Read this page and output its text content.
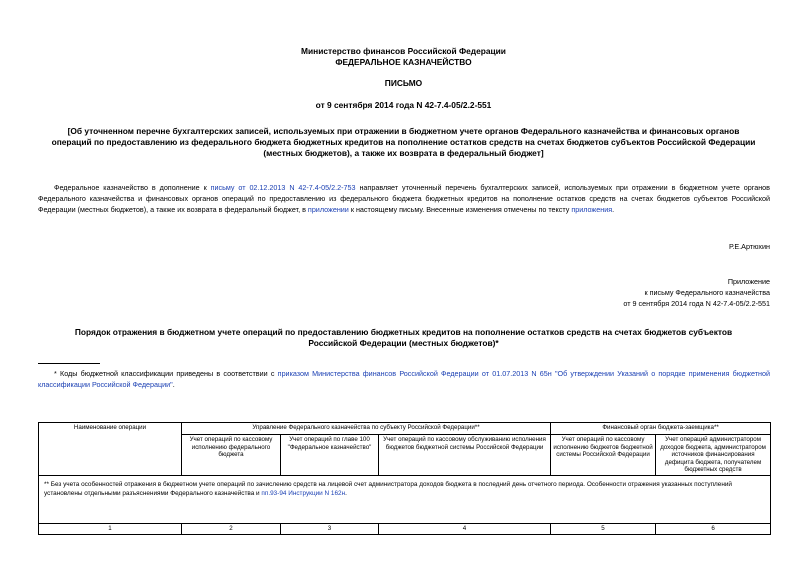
Министерство финансов Российской Федерации
ФЕДЕРАЛЬНОЕ КАЗНАЧЕЙСТВО
ПИСЬМО
от 9 сентября 2014 года N 42-7.4-05/2.2-551
[Об уточненном перечне бухгалтерских записей, используемых при отражении в бюджетном учете органов Федерального казначейства и финансовых органов операций по предоставлению из федерального бюджета бюджетных кредитов на пополнение остатков средств на счетах бюджетов субъектов Российской Федерации (местных бюджетов), а также их возврата в федеральный бюджет]
Федеральное казначейство в дополнение к письму от 02.12.2013 N 42-7.4-05/2.2-753 направляет уточненный перечень бухгалтерских записей, используемых при отражении в бюджетном учете органов Федерального казначейства и финансовых органов операций по предоставлению из федерального бюджета бюджетных кредитов на пополнение остатков средств на счетах бюджетов субъектов Российской Федерации (местных бюджетов), а также их возврата в федеральный бюджет, в приложении к настоящему письму. Внесенные изменения отмечены по тексту приложения.
Р.Е.Артюхин
Приложение
к письму Федерального казначейства
от 9 сентября 2014 года N 42-7.4-05/2.2-551
Порядок отражения в бюджетном учете операций по предоставлению бюджетных кредитов на пополнение остатков средств на счетах бюджетов субъектов Российской Федерации (местных бюджетов)*
* Коды бюджетной классификации приведены в соответствии с приказом Министерства финансов Российской Федерации от 01.07.2013 N 65н "Об утверждении Указаний о порядке применения бюджетной классификации Российской Федерации".
Наименование операции	Управление Федерального казначейства по субъекту Российской Федерации**			Финансовый орган бюджета-заемщика**	
	Учет операций по кассовому исполнению федерального бюджета	Учет операций по главе 100 "Федеральное казначейство"	Учет операций по кассовому обслуживанию исполнения бюджетов бюджетной системы Российской Федерации	Учет операций по кассовому исполнению бюджетов бюджетной системы Российской Федерации	Учет операций администратором доходов бюджета, администратором источников финансирования дефицита бюджета, получателем бюджетных средств
** Без учета особенностей отражения в бюджетном учете операций по зачислению средств на лицевой счет администратора доходов бюджета в последний день отчетного периода. Особенности отражения указанных поступлений установлены отдельными разъяснениями Федерального казначейства и пп.93-94 Инструкции N 162н.					
1	2	3	4	5	6
